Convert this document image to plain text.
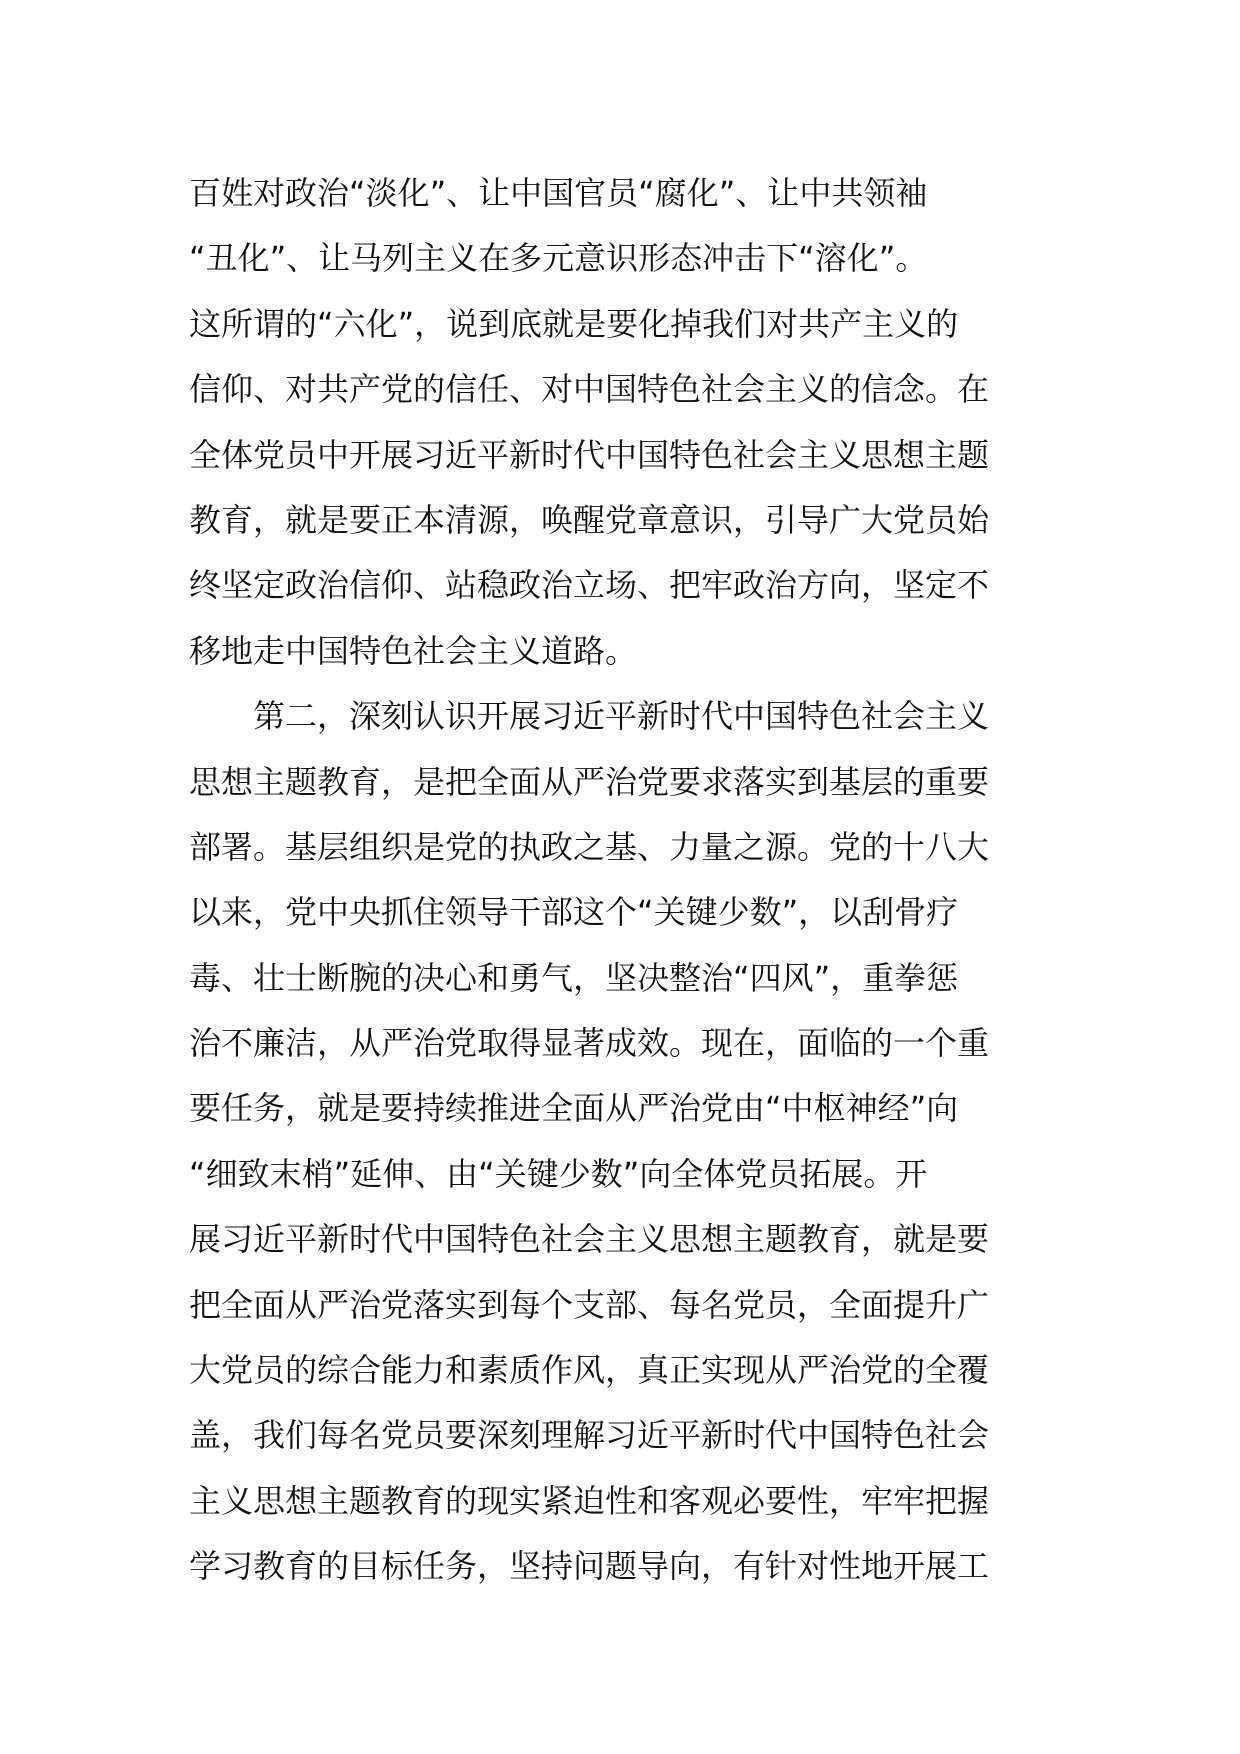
百姓对政治“淡化”、让中国官员“腐化”、让中共领袖
“丑化”、让马列主义在多元意识形态冲击下“溶化”。
这所谓的“六化”，说到底就是要化掉我们对共产主义的
信仰、对共产党的信任、对中国特色社会主义的信念。在
全体党员中开展习近平新时代中国特色社会主义思想主题
教育，就是要正本清源，唤醒党章意识，引导广大党员始
终坚定政治信仰、站稳政治立场、把牢政治方向，坚定不
移地走中国特色社会主义道路。
第二，深刻认识开展习近平新时代中国特色社会主义
思想主题教育，是把全面从严治党要求落实到基层的重要
部署。基层组织是党的执政之基、力量之源。党的十八大
以来，党中央抓住领导干部这个“关键少数”，以刮骨疗
毒、壮士断腕的决心和勇气，坚决整治“四风”，重拳惩
治不廉洁，从严治党取得显著成效。现在，面临的一个重
要任务，就是要持续推进全面从严治党由“中枢神经”向
“细致末梢”延伸、由“关键少数”向全体党员拓展。开
展习近平新时代中国特色社会主义思想主题教育，就是要
把全面从严治党落实到每个支部、每名党员，全面提升广
大党员的综合能力和素质作风，真正实现从严治党的全覆
盖，我们每名党员要深刻理解习近平新时代中国特色社会
主义思想主题教育的现实紧迫性和客观必要性，牢牢把握
学习教育的目标任务，坚持问题导向，有针对性地开展工
